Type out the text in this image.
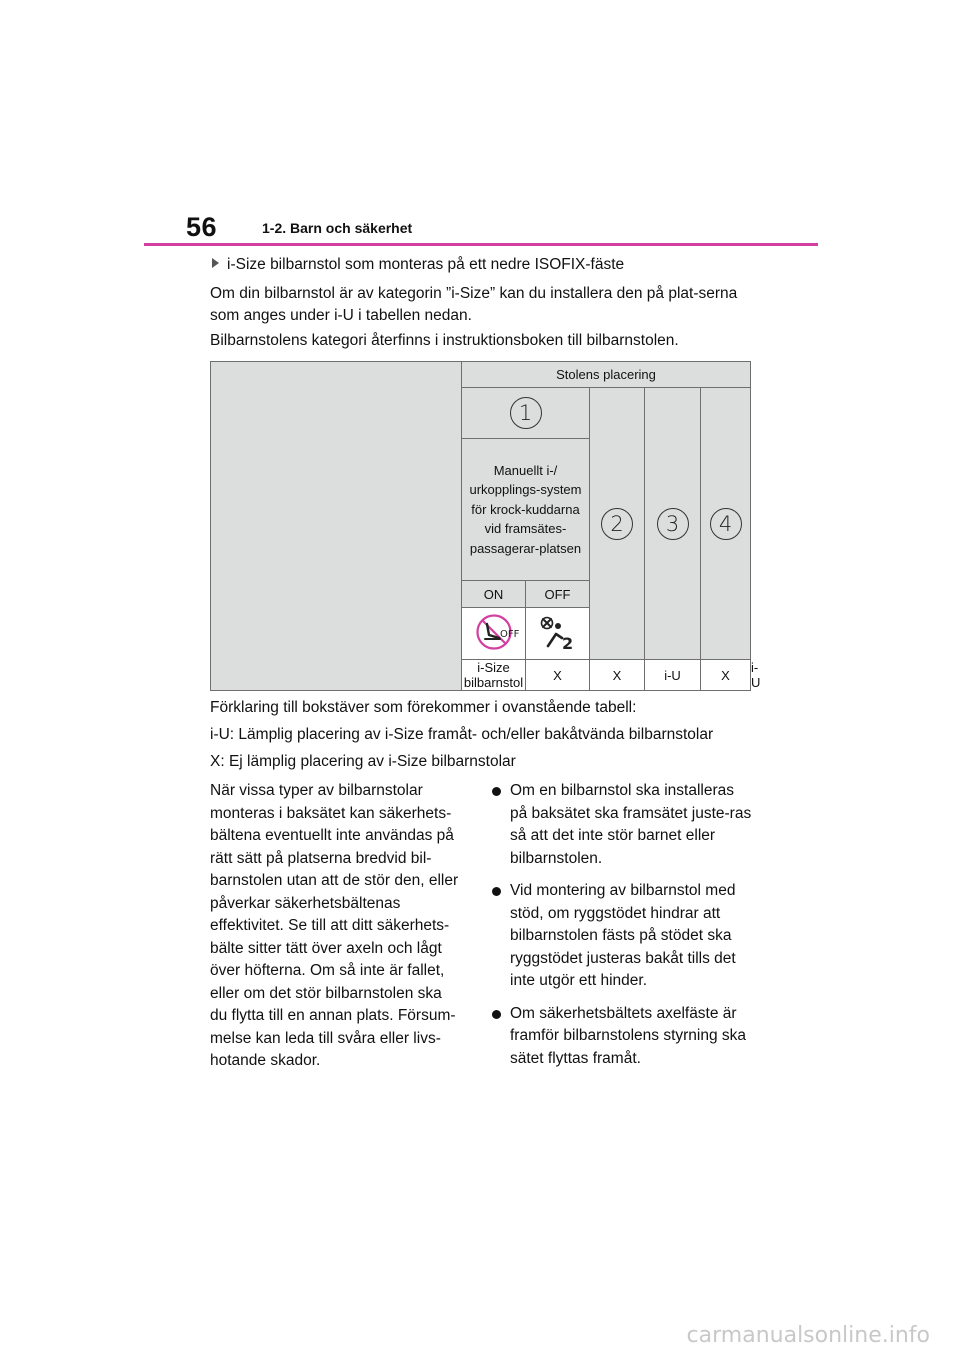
56	1-2. Barn och säkerhet
i-Size bilbarnstol som monteras på ett nedre ISOFIX-fäste
Om din bilbarnstol är av kategorin ”i-Size” kan du installera den på plat-serna som anges under i-U i tabellen nedan.
Bilbarnstolens kategori återfinns i instruktionsboken till bilbarnstolen.
	Stolens placering					
	1		2	3	4	
	Manuellt i-/ urkopplings-system för krock-kuddarna vid framsätes-passagerar-platsen					
	ON	OFF				

OFF	2				

	i-Size bilbarnstol	X	X	i-U	X	i-U
Förklaring till bokstäver som förekommer i ovanstående tabell:
i-U: Lämplig placering av i-Size framåt- och/eller bakåtvända bilbarnstolar
X: Ej lämplig placering av i-Size bilbarnstolar
När vissa typer av bilbarnstolar monteras i baksätet kan säkerhets-bältena eventuellt inte användas på rätt sätt på platserna bredvid bil-barnstolen utan att de stör den, eller påverkar säkerhetsbältenas effektivitet. Se till att ditt säkerhets-bälte sitter tätt över axeln och lågt över höfterna. Om så inte är fallet, eller om det stör bilbarnstolen ska du flytta till en annan plats. Försum-melse kan leda till svåra eller livs-hotande skador.
Om en bilbarnstol ska installeras på baksätet ska framsätet juste-ras så att det inte stör barnet eller bilbarnstolen.
Vid montering av bilbarnstol med stöd, om ryggstödet hindrar att bilbarnstolen fästs på stödet ska ryggstödet justeras bakåt tills det inte utgör ett hinder.
Om säkerhetsbältets axelfäste är framför bilbarnstolens styrning ska sätet flyttas framåt.
carmanualsonline.info
